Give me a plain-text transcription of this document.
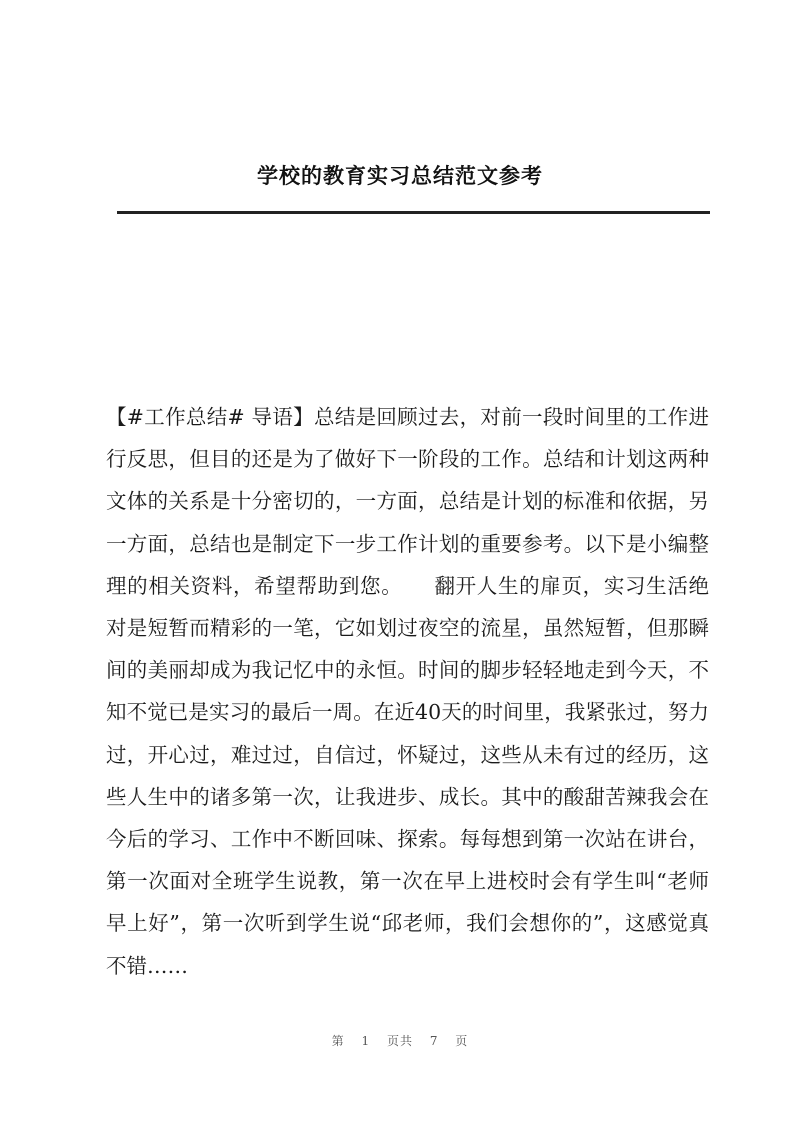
学校的教育实习总结范文参考

【#工作总结# 导语】总结是回顾过去，对前一段时间里的工作进行反思，但目的还是为了做好下一阶段的工作。总结和计划这两种文体的关系是十分密切的，一方面，总结是计划的标准和依据，另一方面，总结也是制定下一步工作计划的重要参考。以下是小编整理的相关资料，希望帮助到您。　　翻开人生的扉页，实习生活绝对是短暂而精彩的一笔，它如划过夜空的流星，虽然短暂，但那瞬间的美丽却成为我记忆中的永恒。时间的脚步轻轻地走到今天，不知不觉已是实习的最后一周。在近40天的时间里，我紧张过，努力过，开心过，难过过，自信过，怀疑过，这些从未有过的经历，这些人生中的诸多第一次，让我进步、成长。其中的酸甜苦辣我会在今后的学习、工作中不断回味、探索。每每想到第一次站在讲台，第一次面对全班学生说教，第一次在早上进校时会有学生叫“老师早上好”，第一次听到学生说“邱老师，我们会想你的”，这感觉真不错……

第 1 页共 7 页
